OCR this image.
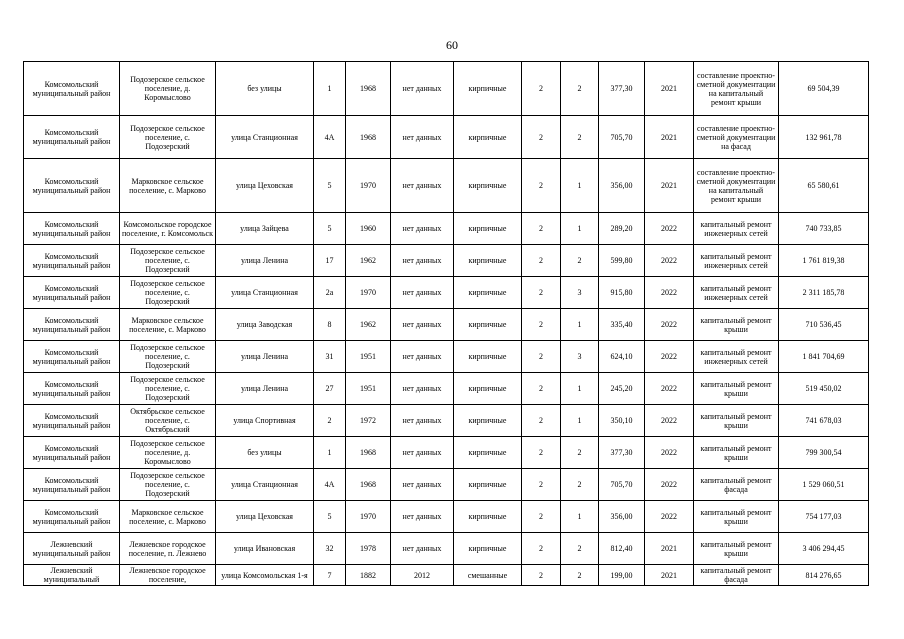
60
Комсомольский муниципальный район	Подозерское сельское поселение, д. Коромыслово	без улицы	1	1968	нет данных	кирпичные	2	2	377,30	2021	составление проектно-сметной документации на капитальный ремонт крыши	69 504,39
Комсомольский муниципальный район	Подозерское сельское поселение, с. Подозерский	улица Станционная	4А	1968	нет данных	кирпичные	2	2	705,70	2021	составление проектно-сметной документации на фасад	132 961,78
Комсомольский муниципальный район	Марковское сельское поселение, с. Марково	улица Цеховская	5	1970	нет данных	кирпичные	2	1	356,00	2021	составление проектно-сметной документации на капитальный ремонт крыши	65 580,61
Комсомольский муниципальный район	Комсомольское городское поселение, г. Комсомольск	улица Зайцева	5	1960	нет данных	кирпичные	2	1	289,20	2022	капитальный ремонт инженерных сетей	740 733,85
Комсомольский муниципальный район	Подозерское сельское поселение, с. Подозерский	улица Ленина	17	1962	нет данных	кирпичные	2	2	599,80	2022	капитальный ремонт инженерных сетей	1 761 819,38
Комсомольский муниципальный район	Подозерское сельское поселение, с. Подозерский	улица Станционная	2а	1970	нет данных	кирпичные	2	3	915,80	2022	капитальный ремонт инженерных сетей	2 311 185,78
Комсомольский муниципальный район	Марковское сельское поселение, с. Марково	улица Заводская	8	1962	нет данных	кирпичные	2	1	335,40	2022	капитальный ремонт крыши	710 536,45
Комсомольский муниципальный район	Подозерское сельское поселение, с. Подозерский	улица Ленина	31	1951	нет данных	кирпичные	2	3	624,10	2022	капитальный ремонт инженерных сетей	1 841 704,69
Комсомольский муниципальный район	Подозерское сельское поселение, с. Подозерский	улица Ленина	27	1951	нет данных	кирпичные	2	1	245,20	2022	капитальный ремонт крыши	519 450,02
Комсомольский муниципальный район	Октябрьское сельское поселение, с. Октябрьский	улица Спортивная	2	1972	нет данных	кирпичные	2	1	350,10	2022	капитальный ремонт крыши	741 678,03
Комсомольский муниципальный район	Подозерское сельское поселение, д. Коромыслово	без улицы	1	1968	нет данных	кирпичные	2	2	377,30	2022	капитальный ремонт крыши	799 300,54
Комсомольский муниципальный район	Подозерское сельское поселение, с. Подозерский	улица Станционная	4А	1968	нет данных	кирпичные	2	2	705,70	2022	капитальный ремонт фасада	1 529 060,51
Комсомольский муниципальный район	Марковское сельское поселение, с. Марково	улица Цеховская	5	1970	нет данных	кирпичные	2	1	356,00	2022	капитальный ремонт крыши	754 177,03
Лежневский муниципальный район	Лежневское городское поселение, п. Лежнево	улица Ивановская	32	1978	нет данных	кирпичные	2	2	812,40	2021	капитальный ремонт крыши	3 406 294,45
Лежневский муниципальный	Лежневское городское поселение,	улица Комсомольская 1-я	7	1882	2012	смешанные	2	2	199,00	2021	капитальный ремонт фасада	814 276,65
